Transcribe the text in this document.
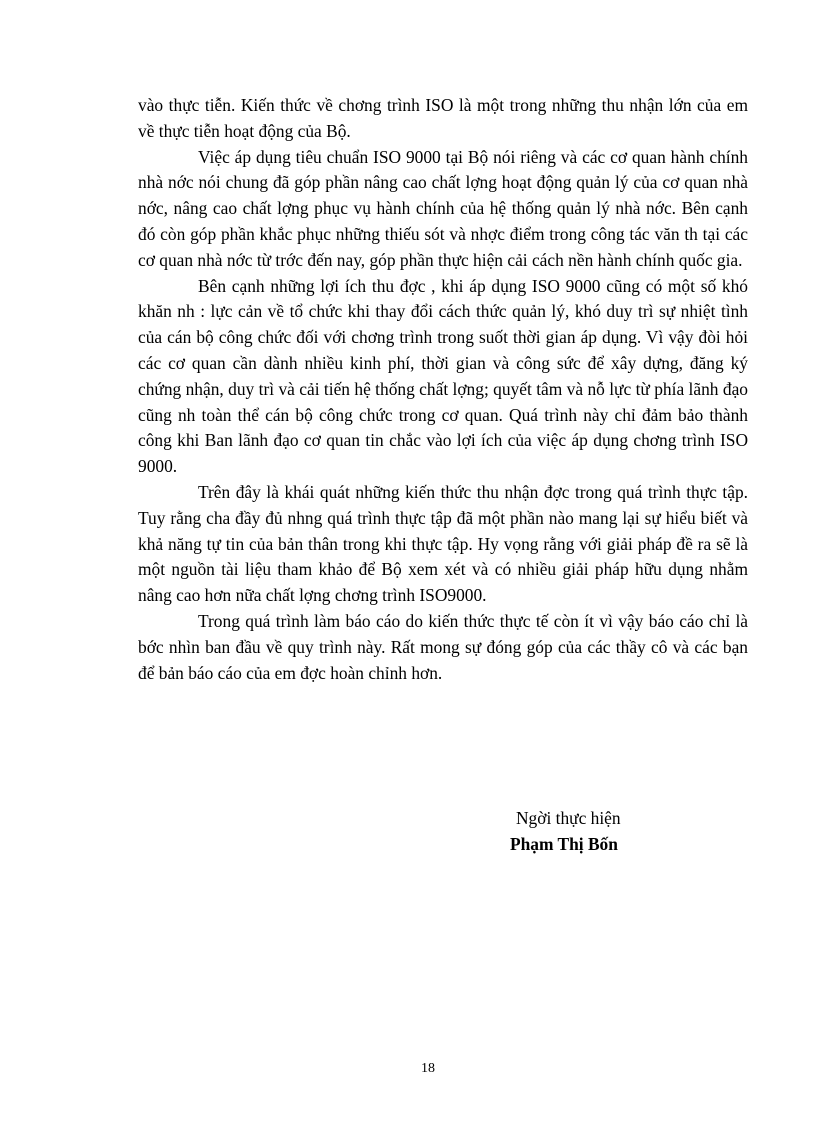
vào thực tiễn. Kiến thức về chơng trình ISO là một trong những thu nhận lớn của em về thực tiễn hoạt động của Bộ.

Việc áp dụng tiêu chuẩn ISO 9000 tại Bộ nói riêng và các cơ quan hành chính nhà nớc nói chung đã góp phần nâng cao chất lợng hoạt động quản lý của cơ quan nhà nớc, nâng cao chất lợng phục vụ hành chính của hệ thống quản lý nhà nớc. Bên cạnh đó còn góp phần khắc phục những thiếu sót và nhợc điểm trong công tác văn th tại các cơ quan nhà nớc từ trớc đến nay, góp phần thực hiện cải cách nền hành chính quốc gia.

Bên cạnh những lợi ích thu đợc , khi áp dụng ISO 9000 cũng có một số khó khăn nh : lực cản về tổ chức khi thay đổi cách thức quản lý, khó duy trì sự nhiệt tình của cán bộ công chức đối với chơng trình trong suốt thời gian áp dụng. Vì vậy đòi hỏi các cơ quan cần dành nhiều kinh phí, thời gian và công sức để xây dựng, đăng ký chứng nhận, duy trì và cải tiến hệ thống chất lợng; quyết tâm và nỗ lực từ phía lãnh đạo cũng nh toàn thể cán bộ công chức trong cơ quan. Quá trình này chỉ đảm bảo thành công khi Ban lãnh đạo cơ quan tin chắc vào lợi ích của việc áp dụng chơng trình ISO 9000.

Trên đây là khái quát những kiến thức thu nhận đợc trong quá trình thực tập. Tuy rằng cha đầy đủ nhng quá trình thực tập đã một phần nào mang lại sự hiểu biết và khả năng tự tin của bản thân trong khi thực tập. Hy vọng rằng với giải pháp đề ra sẽ là một nguồn tài liệu tham khảo để Bộ xem xét và có nhiều giải pháp hữu dụng nhằm nâng cao hơn nữa chất lợng chơng trình ISO9000.

Trong quá trình làm báo cáo do kiến thức thực tế còn ít vì vậy báo cáo chỉ là bớc nhìn ban đầu về quy trình này. Rất mong sự đóng góp của các thầy cô và các bạn để bản báo cáo của em đợc hoàn chỉnh hơn.

Ngời thực hiện
Phạm Thị Bốn
18
